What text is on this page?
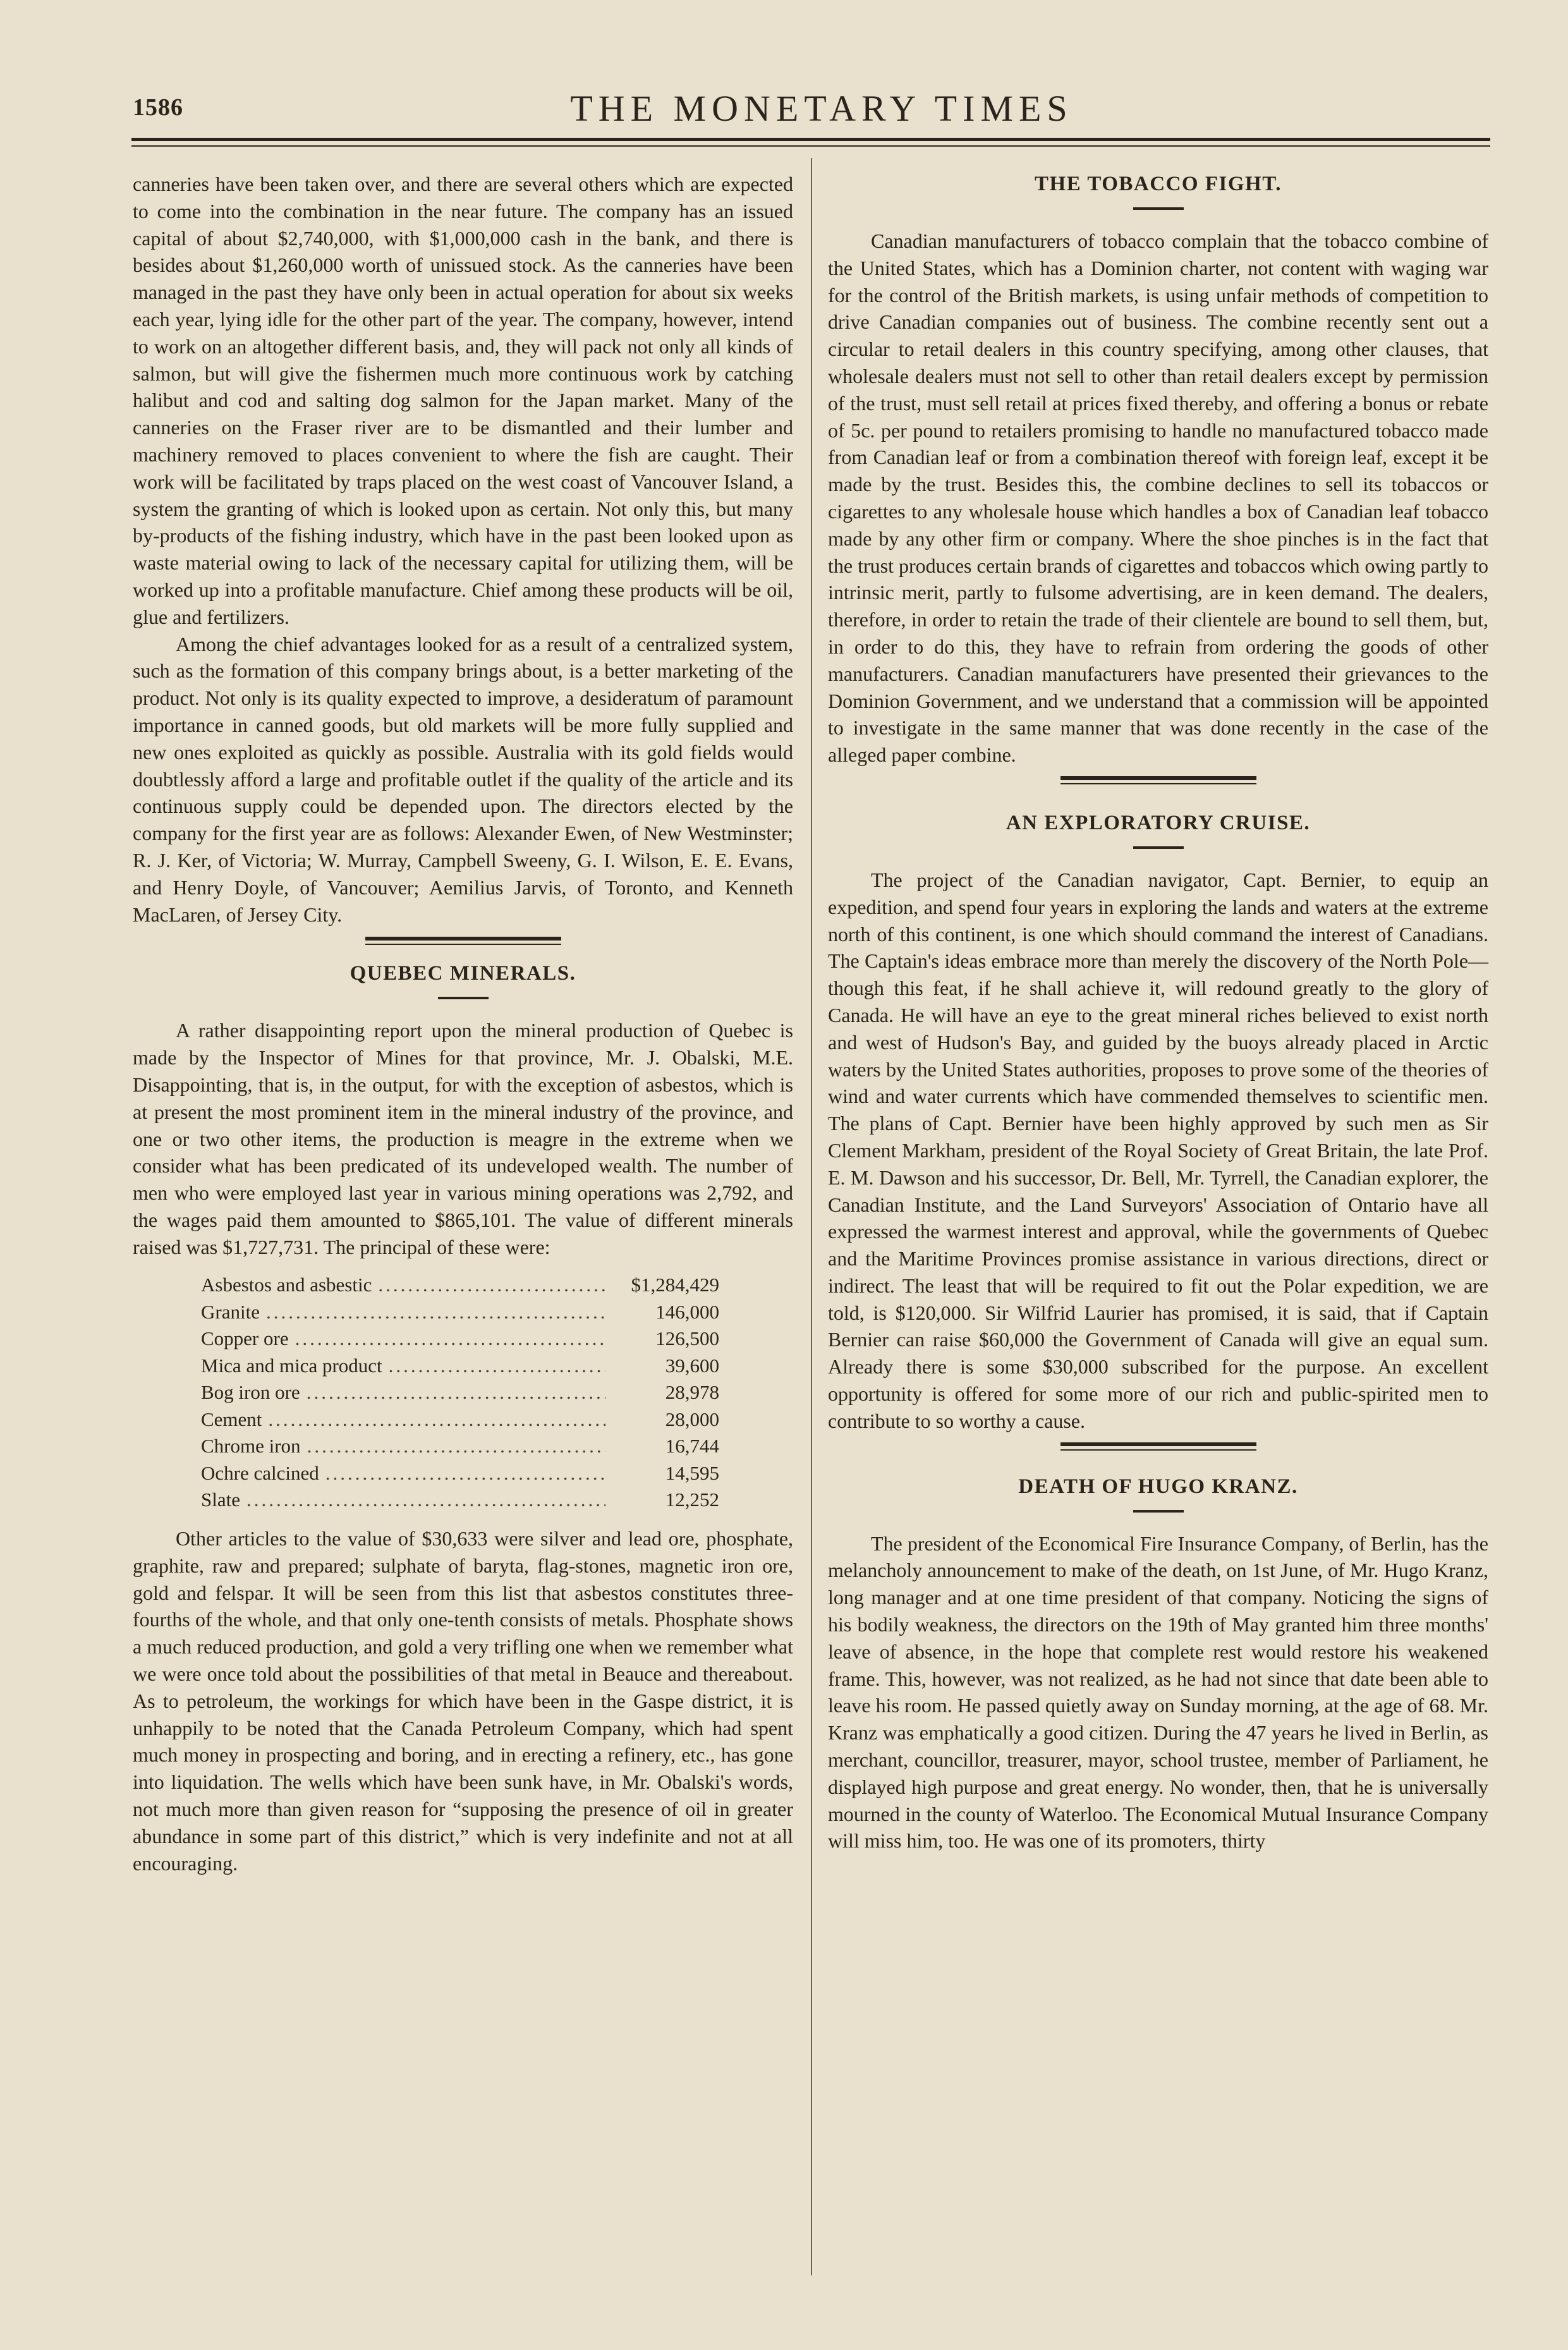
1586	THE MONETARY TIMES

canneries have been taken over, and there are several others which are expected to come into the combination in the near future. The company has an issued capital of about $2,740,000, with $1,000,000 cash in the bank, and there is besides about $1,260,000 worth of unissued stock. As the canneries have been managed in the past they have only been in actual operation for about six weeks each year, lying idle for the other part of the year. The company, however, intend to work on an altogether different basis, and, they will pack not only all kinds of salmon, but will give the fishermen much more continuous work by catching halibut and cod and salting dog salmon for the Japan market. Many of the canneries on the Fraser river are to be dismantled and their lumber and machinery removed to places convenient to where the fish are caught. Their work will be facilitated by traps placed on the west coast of Vancouver Island, a system the granting of which is looked upon as certain. Not only this, but many by-products of the fishing industry, which have in the past been looked upon as waste material owing to lack of the necessary capital for utilizing them, will be worked up into a profitable manufacture. Chief among these products will be oil, glue and fertilizers.

Among the chief advantages looked for as a result of a centralized system, such as the formation of this company brings about, is a better marketing of the product. Not only is its quality expected to improve, a desideratum of paramount importance in canned goods, but old markets will be more fully supplied and new ones exploited as quickly as possible. Australia with its gold fields would doubtlessly afford a large and profitable outlet if the quality of the article and its continuous supply could be depended upon. The directors elected by the company for the first year are as follows: Alexander Ewen, of New Westminster; R. J. Ker, of Victoria; W. Murray, Campbell Sweeny, G. I. Wilson, E. E. Evans, and Henry Doyle, of Vancouver; Aemilius Jarvis, of Toronto, and Kenneth MacLaren, of Jersey City.

QUEBEC MINERALS.

A rather disappointing report upon the mineral production of Quebec is made by the Inspector of Mines for that province, Mr. J. Obalski, M.E. Disappointing, that is, in the output, for with the exception of asbestos, which is at present the most prominent item in the mineral industry of the province, and one or two other items, the production is meagre in the extreme when we consider what has been predicated of its undeveloped wealth. The number of men who were employed last year in various mining operations was 2,792, and the wages paid them amounted to $865,101. The value of different minerals raised was $1,727,731. The principal of these were:

Asbestos and asbestic .....	$1,284,429
Granite .....	146,000
Copper ore .....	126,500
Mica and mica product .....	39,600
Bog iron ore .....	28,978
Cement .....	28,000
Chrome iron .....	16,744
Ochre calcined .....	14,595
Slate .....	12,252

Other articles to the value of $30,633 were silver and lead ore, phosphate, graphite, raw and prepared; sulphate of baryta, flag-stones, magnetic iron ore, gold and felspar. It will be seen from this list that asbestos constitutes three-fourths of the whole, and that only one-tenth consists of metals. Phosphate shows a much reduced production, and gold a very trifling one when we remember what we were once told about the possibilities of that metal in Beauce and thereabout. As to petroleum, the workings for which have been in the Gaspe district, it is unhappily to be noted that the Canada Petroleum Company, which had spent much money in prospecting and boring, and in erecting a refinery, etc., has gone into liquidation. The wells which have been sunk have, in Mr. Obalski's words, not much more than given reason for “supposing the presence of oil in greater abundance in some part of this district,” which is very indefinite and not at all encouraging.

THE TOBACCO FIGHT.

Canadian manufacturers of tobacco complain that the tobacco combine of the United States, which has a Dominion charter, not content with waging war for the control of the British markets, is using unfair methods of competition to drive Canadian companies out of business. The combine recently sent out a circular to retail dealers in this country specifying, among other clauses, that wholesale dealers must not sell to other than retail dealers except by permission of the trust, must sell retail at prices fixed thereby, and offering a bonus or rebate of 5c. per pound to retailers promising to handle no manufactured tobacco made from Canadian leaf or from a combination thereof with foreign leaf, except it be made by the trust. Besides this, the combine declines to sell its tobaccos or cigarettes to any wholesale house which handles a box of Canadian leaf tobacco made by any other firm or company. Where the shoe pinches is in the fact that the trust produces certain brands of cigarettes and tobaccos which owing partly to intrinsic merit, partly to fulsome advertising, are in keen demand. The dealers, therefore, in order to retain the trade of their clientele are bound to sell them, but, in order to do this, they have to refrain from ordering the goods of other manufacturers. Canadian manufacturers have presented their grievances to the Dominion Government, and we understand that a commission will be appointed to investigate in the same manner that was done recently in the case of the alleged paper combine.

AN EXPLORATORY CRUISE.

The project of the Canadian navigator, Capt. Bernier, to equip an expedition, and spend four years in exploring the lands and waters at the extreme north of this continent, is one which should command the interest of Canadians. The Captain's ideas embrace more than merely the discovery of the North Pole—though this feat, if he shall achieve it, will redound greatly to the glory of Canada. He will have an eye to the great mineral riches believed to exist north and west of Hudson's Bay, and guided by the buoys already placed in Arctic waters by the United States authorities, proposes to prove some of the theories of wind and water currents which have commended themselves to scientific men. The plans of Capt. Bernier have been highly approved by such men as Sir Clement Markham, president of the Royal Society of Great Britain, the late Prof. E. M. Dawson and his successor, Dr. Bell, Mr. Tyrrell, the Canadian explorer, the Canadian Institute, and the Land Surveyors' Association of Ontario have all expressed the warmest interest and approval, while the governments of Quebec and the Maritime Provinces promise assistance in various directions, direct or indirect. The least that will be required to fit out the Polar expedition, we are told, is $120,000. Sir Wilfrid Laurier has promised, it is said, that if Captain Bernier can raise $60,000 the Government of Canada will give an equal sum. Already there is some $30,000 subscribed for the purpose. An excellent opportunity is offered for some more of our rich and public-spirited men to contribute to so worthy a cause.

DEATH OF HUGO KRANZ.

The president of the Economical Fire Insurance Company, of Berlin, has the melancholy announcement to make of the death, on 1st June, of Mr. Hugo Kranz, long manager and at one time president of that company. Noticing the signs of his bodily weakness, the directors on the 19th of May granted him three months' leave of absence, in the hope that complete rest would restore his weakened frame. This, however, was not realized, as he had not since that date been able to leave his room. He passed quietly away on Sunday morning, at the age of 68. Mr. Kranz was emphatically a good citizen. During the 47 years he lived in Berlin, as merchant, councillor, treasurer, mayor, school trustee, member of Parliament, he displayed high purpose and great energy. No wonder, then, that he is universally mourned in the county of Waterloo. The Economical Mutual Insurance Company will miss him, too. He was one of its promoters, thirty
